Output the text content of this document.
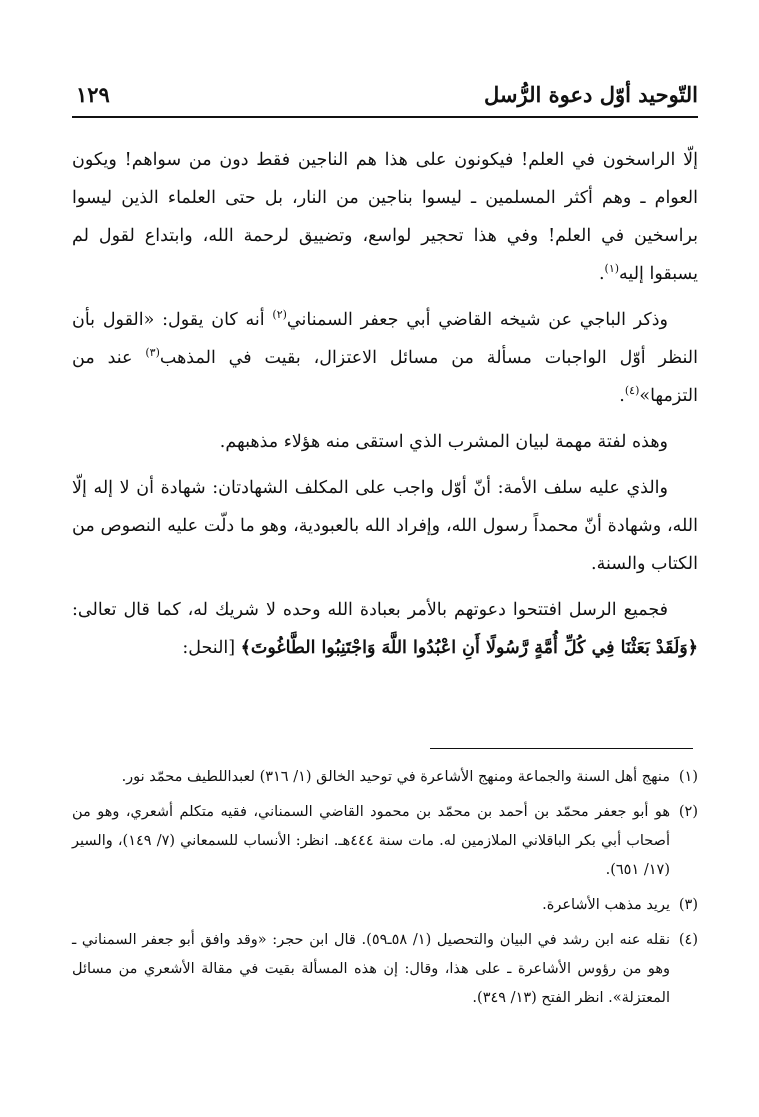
التّوحيد أوّل دعوة الرُّسل
١٢٩

إلّا الراسخون في العلم! فيكونون على هذا هم الناجين فقط دون من سواهم! ويكون العوام ـ وهم أكثر المسلمين ـ ليسوا بناجين من النار، بل حتى العلماء الذين ليسوا براسخين في العلم! وفي هذا تحجير لواسع، وتضييق لرحمة الله، وابتداع لقول لم يسبقوا إليه$^{(١)}$.

وذكر الباجي عن شيخه القاضي أبي جعفر السمناني$^{(٢)}$ أنه كان يقول: «القول بأن النظر أوّل الواجبات مسألة من مسائل الاعتزال، بقيت في المذهب$^{(٣)}$ عند من التزمها»$^{(٤)}$.

وهذه لفتة مهمة لبيان المشرب الذي استقى منه هؤلاء مذهبهم.

والذي عليه سلف الأمة: أنّ أوّل واجب على المكلف الشهادتان: شهادة أن لا إله إلّا الله، وشهادة أنّ محمداً رسول الله، وإفراد الله بالعبودية، وهو ما دلّت عليه النصوص من الكتاب والسنة.

فجميع الرسل افتتحوا دعوتهم بالأمر بعبادة الله وحده لا شريك له، كما قال تعالى: ﴿وَلَقَدْ بَعَثْنَا فِي كُلِّ أُمَّةٍ رَّسُولًا أَنِ اعْبُدُوا اللَّهَ وَاجْتَنِبُوا الطَّاغُوتَ﴾ [النحل:

(١)منهج أهل السنة والجماعة ومنهج الأشاعرة في توحيد الخالق (١/ ٣١٦) لعبداللطيف محمّد نور.

(٢)هو أبو جعفر محمّد بن أحمد بن محمّد بن محمود القاضي السمناني، فقيه متكلم أشعري، وهو من أصحاب أبي بكر الباقلاني الملازمين له. مات سنة ٤٤٤هـ. انظر: الأنساب للسمعاني (٧/ ١٤٩)، والسير (١٧/ ٦٥١).

(٣)يريد مذهب الأشاعرة.

(٤)نقله عنه ابن رشد في البيان والتحصيل (١/ ٥٨ـ٥٩). قال ابن حجر: «وقد وافق أبو جعفر السمناني ـ وهو من رؤوس الأشاعرة ـ على هذا، وقال: إن هذه المسألة بقيت في مقالة الأشعري من مسائل المعتزلة». انظر الفتح (١٣/ ٣٤٩).
